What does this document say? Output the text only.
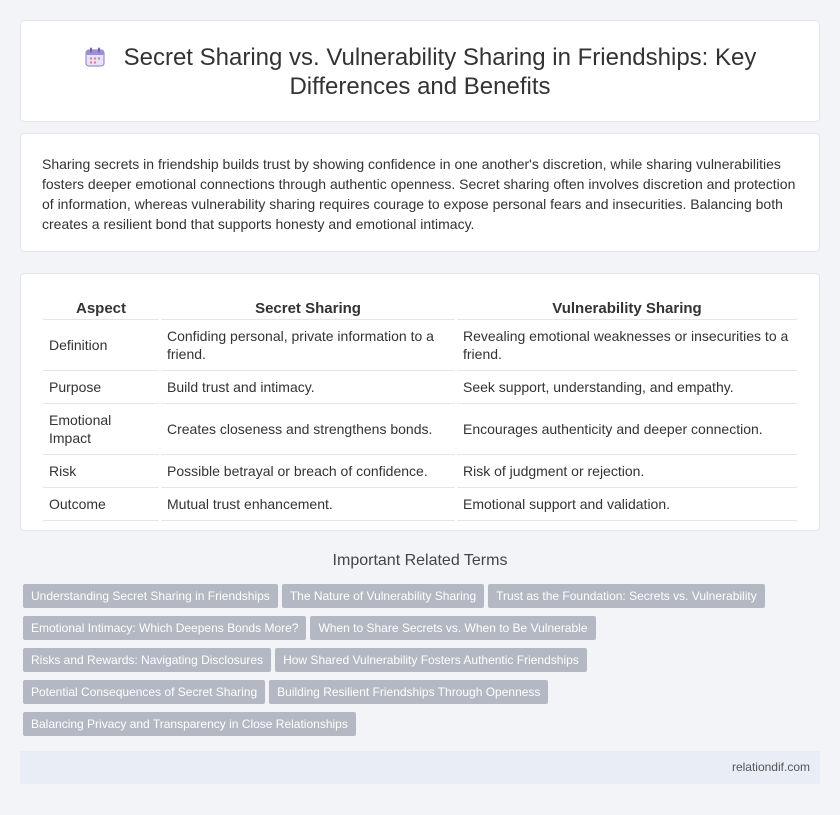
Secret Sharing vs. Vulnerability Sharing in Friendships: Key Differences and Benefits

Sharing secrets in friendship builds trust by showing confidence in one another's discretion, while sharing vulnerabilities fosters deeper emotional connections through authentic openness. Secret sharing often involves discretion and protection of information, whereas vulnerability sharing requires courage to expose personal fears and insecurities. Balancing both creates a resilient bond that supports honesty and emotional intimacy.

Aspect	Secret Sharing	Vulnerability Sharing
Definition	Confiding personal, private information to a friend.	Revealing emotional weaknesses or insecurities to a friend.
Purpose	Build trust and intimacy.	Seek support, understanding, and empathy.
Emotional Impact	Creates closeness and strengthens bonds.	Encourages authenticity and deeper connection.
Risk	Possible betrayal or breach of confidence.	Risk of judgment or rejection.
Outcome	Mutual trust enhancement.	Emotional support and validation.
Important Related Terms
Understanding Secret Sharing in Friendships The Nature of Vulnerability Sharing Trust as the Foundation: Secrets vs. Vulnerability
Emotional Intimacy: Which Deepens Bonds More? When to Share Secrets vs. When to Be Vulnerable
Risks and Rewards: Navigating Disclosures How Shared Vulnerability Fosters Authentic Friendships
Potential Consequences of Secret Sharing Building Resilient Friendships Through Openness
Balancing Privacy and Transparency in Close Relationships
relationdif.com
